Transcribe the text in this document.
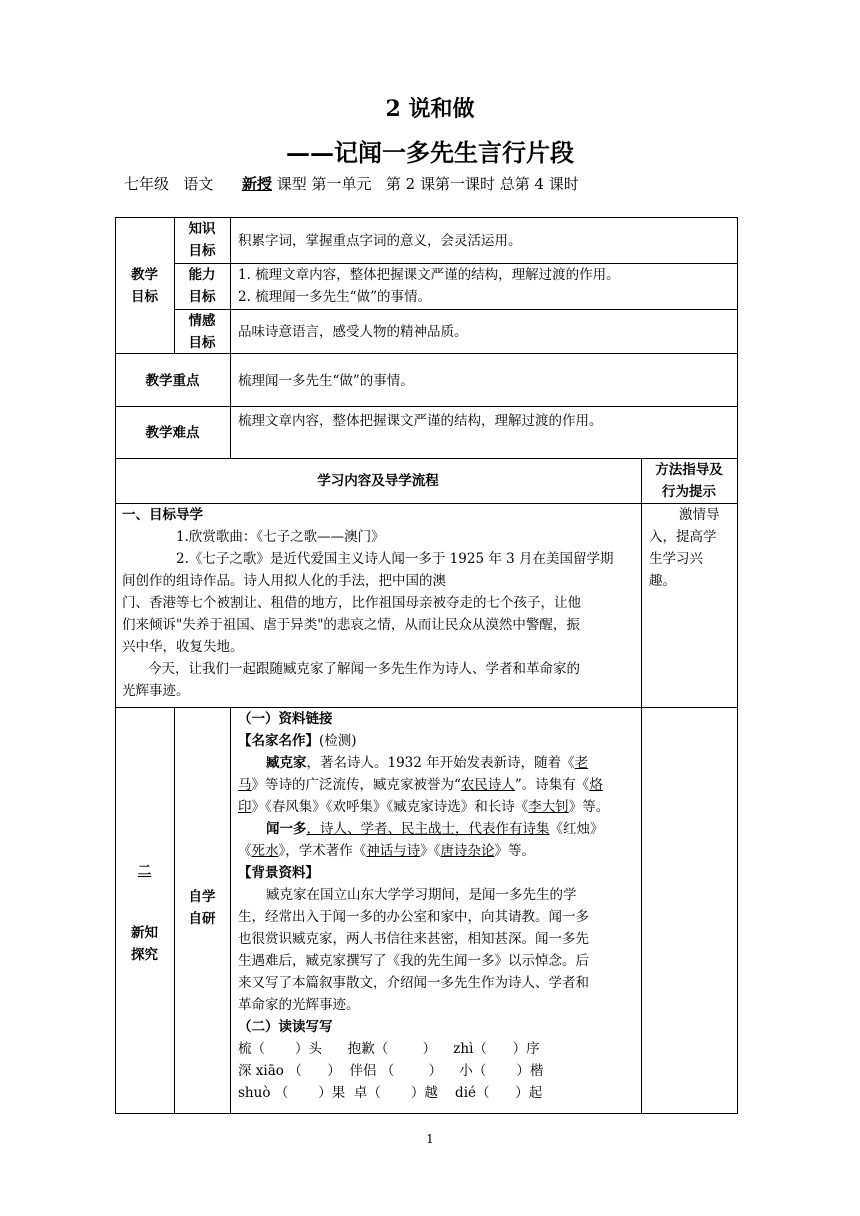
2 说和做
——记闻一多先生言行片段
七年级 语文 新授 课型 第一单元 第 2 课第一课时 总第 4 课时

教学

目标

知识

目标

积累字词，掌握重点字词的意义，会灵活运用。

能力

目标

1. 梳理文章内容，整体把握课文严谨的结构，理解过渡的作用。

2. 梳理闻一多先生“做”的事情。

情感

目标

品味诗意语言，感受人物的精神品质。
教学重点	梳理闻一多先生“做”的事情。
教学难点
梳理文章内容，整体把握课文严谨的结构，理解过渡的作用。
学习内容及导学流程

方法指导及

行为提示

一、目标导学

1.欣赏歌曲：《七子之歌——澳门》

2.《七子之歌》是近代爱国主义诗人闻一多于 1925 年 3 月在美国留学期

间创作的组诗作品。诗人用拟人化的手法，把中国的澳

门、香港等七个被割让、租借的地方，比作祖国母亲被夺走的七个孩子，让他

们来倾诉"失养于祖国、虐于异类"的悲哀之情，从而让民众从漠然中警醒，振

兴中华，收复失地。

今天，让我们一起跟随臧克家了解闻一多先生作为诗人、学者和革命家的

光辉事迹。

激情导

入，提高学

生学习兴

趣。

二

新知

探究

自学

自研

（一）资料链接

【名家名作】(检测)

臧克家，著名诗人。1932 年开始发表新诗，随着《老

马》等诗的广泛流传，臧克家被誉为“农民诗人”。诗集有《烙

印》《春风集》《欢呼集》《臧克家诗选》和长诗《李大钊》等。

闻一多，诗人、学者、民主战士，代表作有诗集《红烛》

《死水》，学术著作《神话与诗》《唐诗杂论》等。

【背景资料】

臧克家在国立山东大学学习期间，是闻一多先生的学

生，经常出入于闻一多的办公室和家中，向其请教。闻一多

也很赏识臧克家，两人书信往来甚密，相知甚深。闻一多先

生遇难后，臧克家撰写了《我的先生闻一多》以示悼念。后

来又写了本篇叙事散文，介绍闻一多先生作为诗人、学者和

革命家的光辉事迹。

（二）读读写写

梳（       ）头      抱歉（        ）    zhì（      ）序

深 xiāo （      ）  伴侣 （        ）    小（       ）楷

shuò （       ）果  卓（       ）越    dié（      ）起

1
